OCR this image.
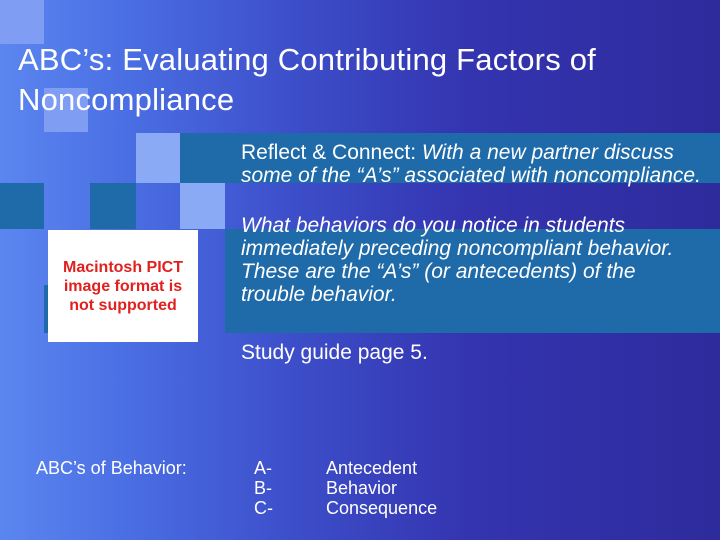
ABC’s: Evaluating Contributing Factors of Noncompliance

Reflect & Connect: With a new partner discuss some of the “A’s” associated with noncompliance.

What behaviors do you notice in students immediately preceding noncompliant behavior. These are the “A’s” (or antecedents) of the trouble behavior.

Study guide page 5.

Macintosh PICT image format is not supported
ABC’s of Behavior:	A-
B-
C-
Antecedent
Behavior
Consequence
